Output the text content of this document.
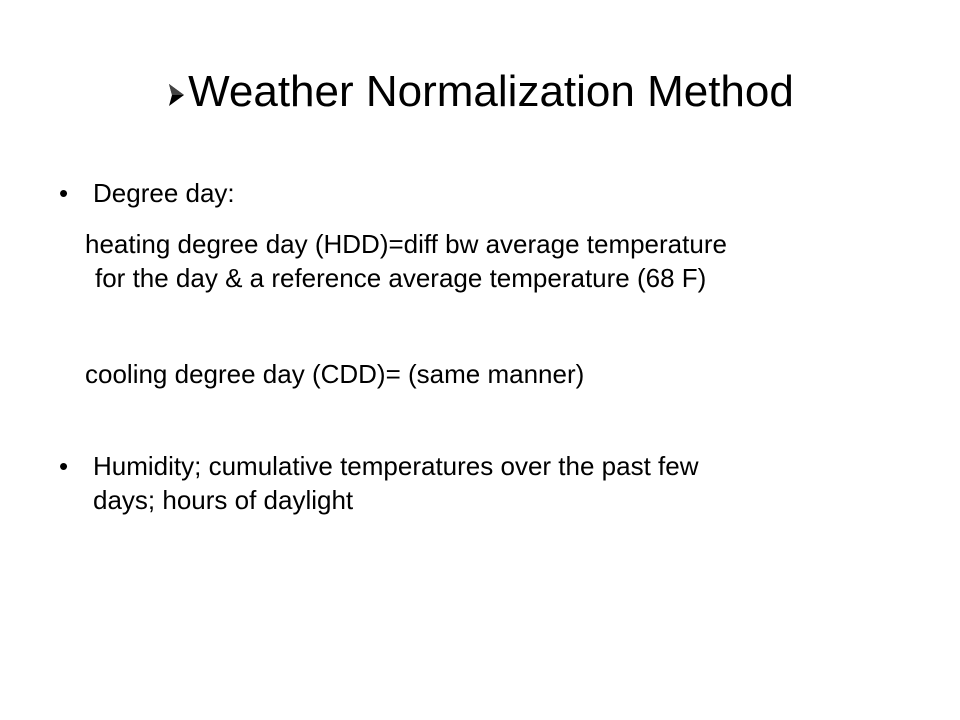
Weather Normalization Method
• Degree day:
heating degree day (HDD)=diff bw average temperature
for the day & a reference average temperature (68 F)
cooling degree day (CDD)= (same manner)
• Humidity; cumulative temperatures over the past few
days; hours of daylight
